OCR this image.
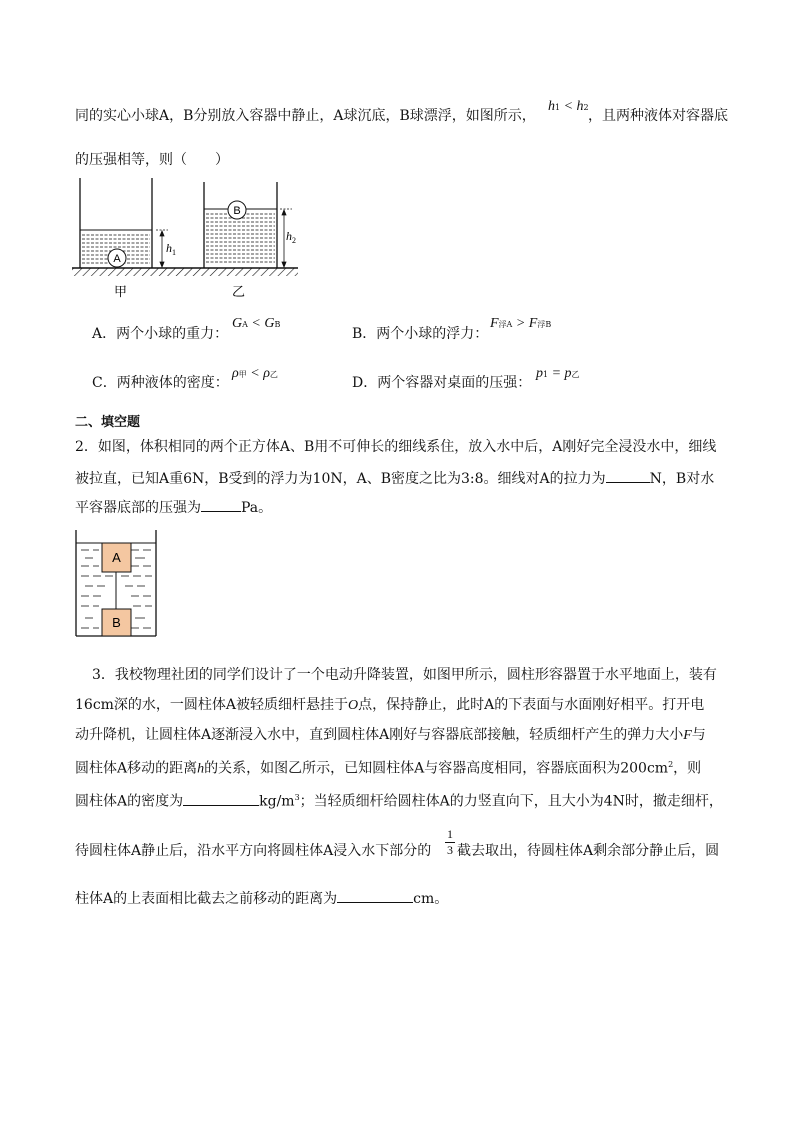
同的实心小球A，B分别放入容器中静止，A球沉底，B球漂浮，如图所示，
h1 < h2
，且两种液体对容器底
的压强相等，则（　　）
A
$h_1$
B
$h_2$
甲	乙
A．两个小球的重力：
GA < GB
B．两个小球的浮力：
F浮A > F浮B
C．两种液体的密度：
ρ甲 < ρ乙
D．两个容器对桌面的压强：
p1 = p乙
二、填空题
2．如图，体积相同的两个正方体A、B用不可伸长的细线系住，放入水中后，A刚好完全浸没水中，细线
被拉直，已知A重6N，B受到的浮力为10N，A、B密度之比为3:8。细线对A的拉力为	N，B对水
平容器底部的压强为	Pa。
A
B
3．我校物理社团的同学们设计了一个电动升降装置，如图甲所示，圆柱形容器置于水平地面上，装有
16cm深的水，一圆柱体A被轻质细杆悬挂于O点，保持静止，此时A的下表面与水面刚好相平。打开电
动升降机，让圆柱体A逐渐浸入水中，直到圆柱体A刚好与容器底部接触，轻质细杆产生的弹力大小F与
圆柱体A移动的距离h的关系，如图乙所示，已知圆柱体A与容器高度相同，容器底面积为$200cm^2$，则
圆柱体A的密度为	$kg/m^3$；当轻质细杆给圆柱体A的力竖直向下，且大小为4N时，撤走细杆，
待圆柱体A静止后，沿水平方向将圆柱体A浸入水下部分的
1
3 截去取出，待圆柱体A剩余部分静止后，圆
柱体A的上表面相比截去之前移动的距离为	cm。
